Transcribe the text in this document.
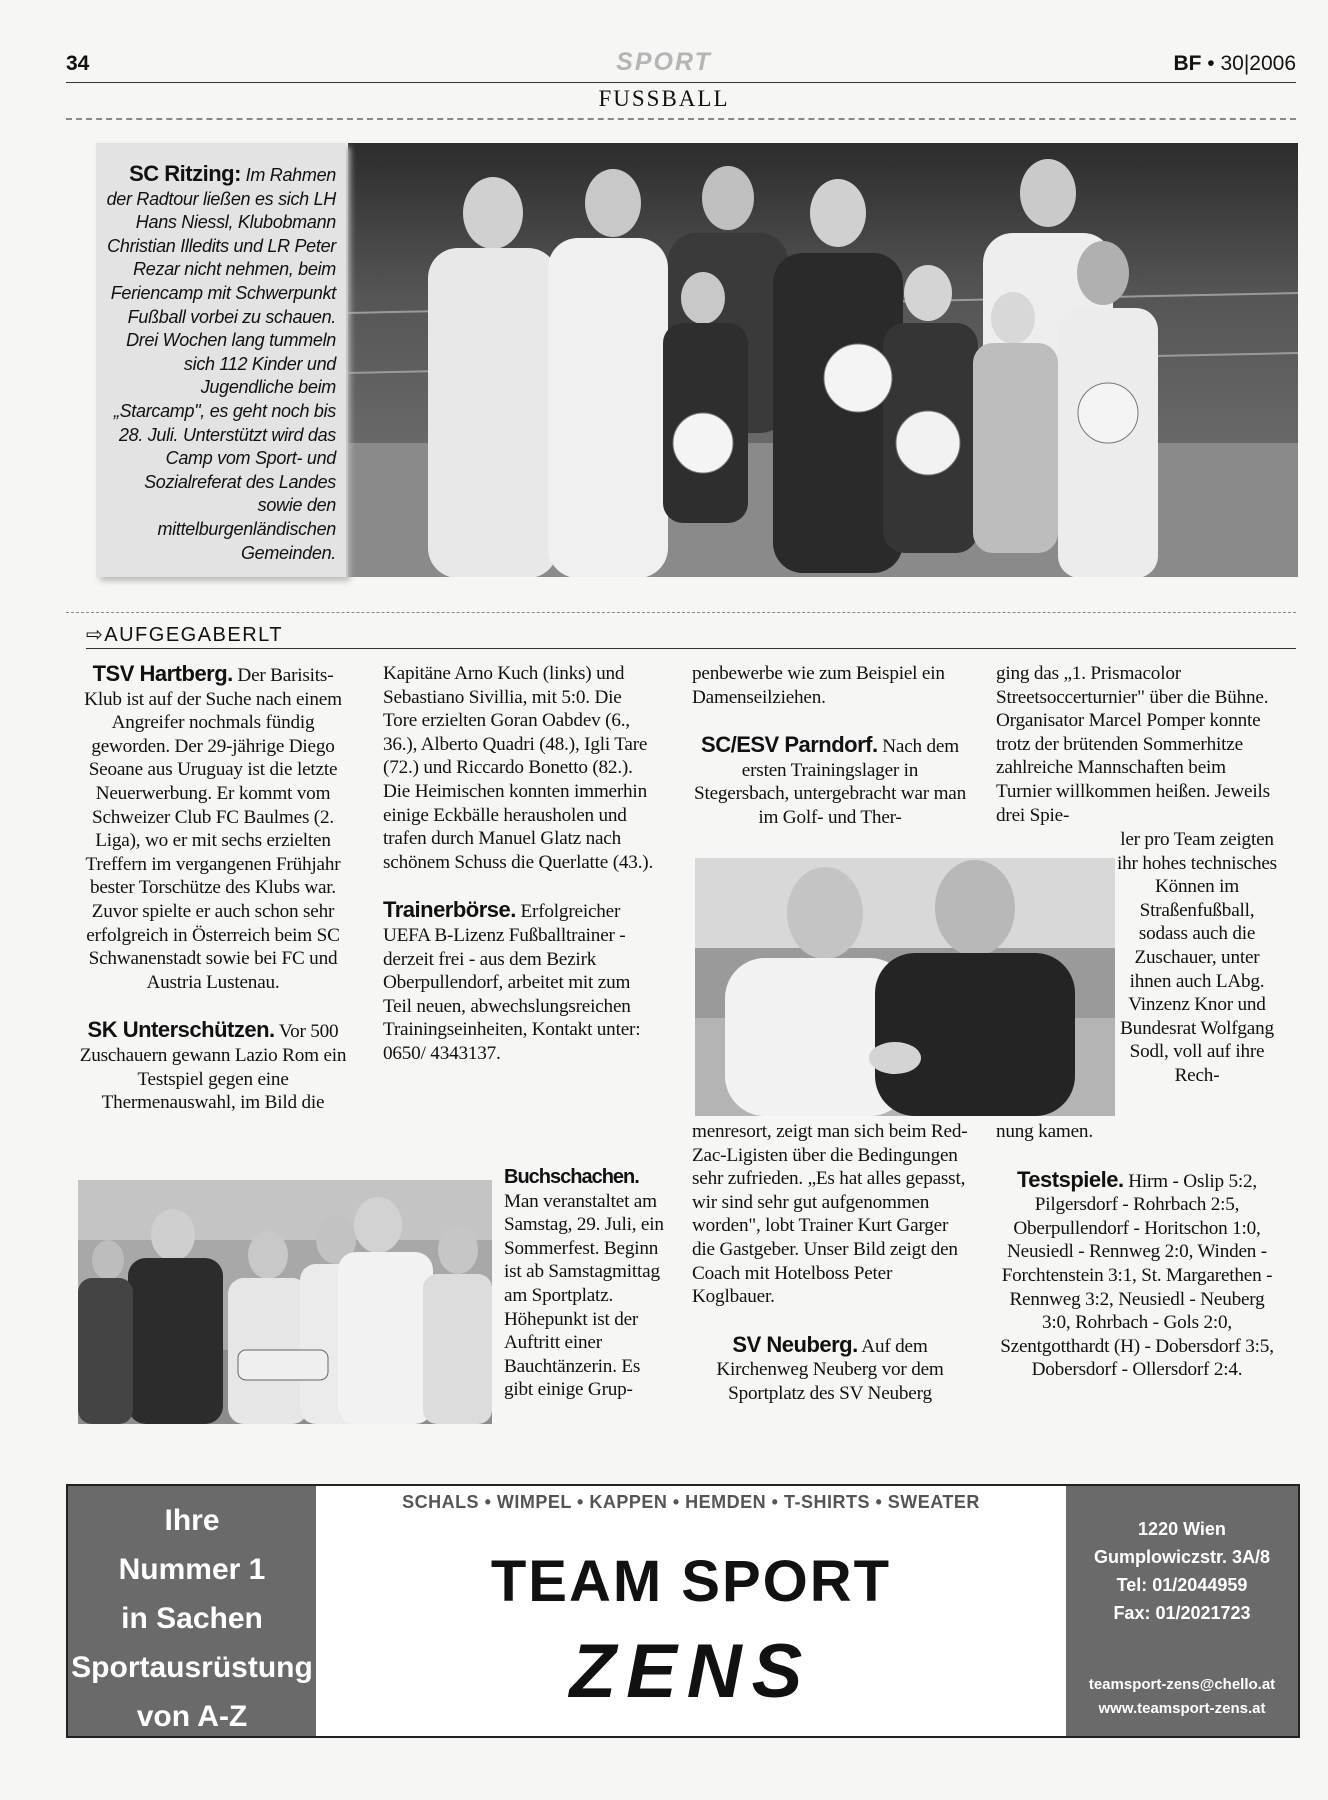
34	SPORT	BF • 30|2006
FUSSBALL
SC Ritzing: Im Rahmen der Radtour ließen es sich LH Hans Niessl, Klubobmann Christian Illedits und LR Peter Rezar nicht nehmen, beim Feriencamp mit Schwerpunkt Fußball vorbei zu schauen. Drei Wochen lang tummeln sich 112 Kinder und Jugendliche beim „Starcamp", es geht noch bis 28. Juli. Unterstützt wird das Camp vom Sport- und Sozialreferat des Landes sowie den mittelburgenländischen Gemeinden.
⇨AUFGEGABERLT

TSV Hartberg. Der Barisits-Klub ist auf der Suche nach einem Angreifer nochmals fündig geworden. Der 29-jährige Diego Seoane aus Uruguay ist die letzte Neuerwerbung. Er kommt vom Schweizer Club FC Baulmes (2. Liga), wo er mit sechs erzielten Treffern im vergangenen Frühjahr bester Torschütze des Klubs war. Zuvor spielte er auch schon sehr erfolgreich in Österreich beim SC Schwanenstadt sowie bei FC und Austria Lustenau.

SK Unterschützen. Vor 500 Zuschauern gewann Lazio Rom ein Testspiel gegen eine Thermenauswahl, im Bild die

Kapitäne Arno Kuch (links) und Sebastiano Sivillia, mit 5:0. Die Tore erzielten Goran Oabdev (6., 36.), Alberto Quadri (48.), Igli Tare (72.) und Riccardo Bonetto (82.). Die Heimischen konnten immerhin einige Eckbälle herausholen und trafen durch Manuel Glatz nach schönem Schuss die Querlatte (43.).

Trainerbörse. Erfolgreicher UEFA B-Lizenz Fußballtrainer - derzeit frei - aus dem Bezirk Oberpullendorf, arbeitet mit zum Teil neuen, abwechslungsreichen Trainingseinheiten, Kontakt unter: 0650/ 4343137.

Buchschachen.
Man veranstaltet am Samstag, 29. Juli, ein Sommerfest. Beginn ist ab Samstagmittag am Sportplatz. Höhepunkt ist der Auftritt einer Bauchtänzerin. Es gibt einige Grup-

penbewerbe wie zum Beispiel ein Damenseilziehen.

SC/ESV Parndorf. Nach dem ersten Trainingslager in Stegersbach, untergebracht war man im Golf- und Ther-

menresort, zeigt man sich beim Red-Zac-Ligisten über die Bedingungen sehr zufrieden. „Es hat alles gepasst, wir sind sehr gut aufgenommen worden", lobt Trainer Kurt Garger die Gastgeber. Unser Bild zeigt den Coach mit Hotelboss Peter Koglbauer.

SV Neuberg. Auf dem Kirchenweg Neuberg vor dem Sportplatz des SV Neuberg

ging das „1. Prismacolor Streetsoccerturnier" über die Bühne. Organisator Marcel Pomper konnte trotz der brütenden Sommerhitze zahlreiche Mannschaften beim Turnier willkommen heißen. Jeweils drei Spie-

ler pro Team zeigten ihr hohes technisches Können im Straßenfußball, sodass auch die Zuschauer, unter ihnen auch LAbg. Vinzenz Knor und Bundesrat Wolfgang Sodl, voll auf ihre Rech-

nung kamen.

Testspiele. Hirm - Oslip 5:2, Pilgersdorf - Rohrbach 2:5, Oberpullendorf - Horitschon 1:0, Neusiedl - Rennweg 2:0, Winden - Forchtenstein 3:1, St. Margarethen - Rennweg 3:2, Neusiedl - Neuberg 3:0, Rohrbach - Gols 2:0, Szentgotthardt (H) - Dobersdorf 3:5, Dobersdorf - Ollersdorf 2:4.

Ihre
Nummer 1
in Sachen
Sportausrüstung
von A-Z
SCHALS • WIMPEL • KAPPEN • HEMDEN • T-SHIRTS • SWEATER
TEAM SPORT
ZENS
1220 Wien
Gumplowiczstr. 3A/8
Tel: 01/2044959
Fax: 01/2021723
teamsport-zens@chello.at
www.teamsport-zens.at
